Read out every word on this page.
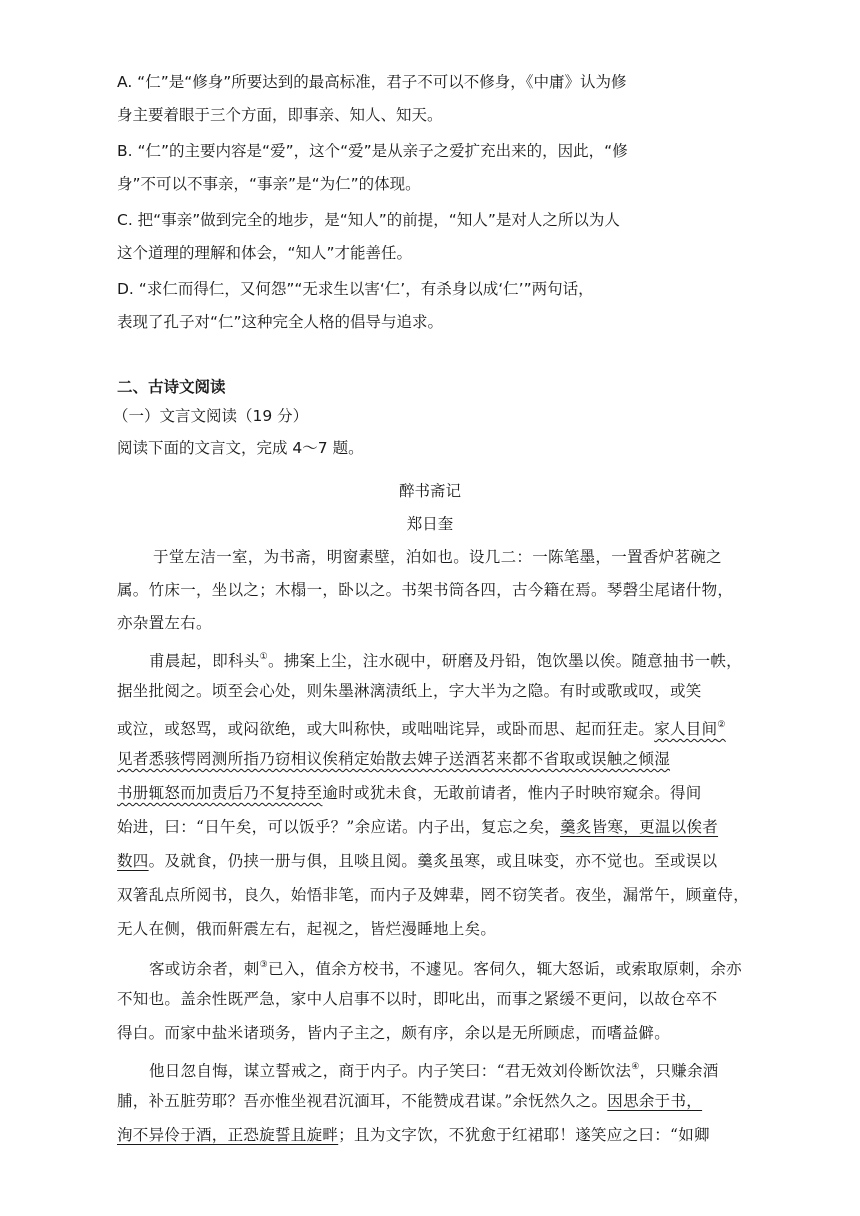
A. “仁”是“修身”所要达到的最高标准，君子不可以不修身，《中庸》认为修
身主要着眼于三个方面，即事亲、知人、知天。
B. “仁”的主要内容是“爱”，这个“爱”是从亲子之爱扩充出来的，因此，“修
身”不可以不事亲，“事亲”是“为仁”的体现。
C. 把“事亲”做到完全的地步，是“知人”的前提，“知人”是对人之所以为人
这个道理的理解和体会，“知人”才能善任。
D. “求仁而得仁，又何怨”“无求生以害‘仁’，有杀身以成‘仁’”两句话，
表现了孔子对“仁”这种完全人格的倡导与追求。
二、古诗文阅读
（一）文言文阅读（19 分）
阅读下面的文言文，完成 4～7 题。
醉书斋记
郑日奎
于堂左洁一室，为书斋，明窗素壁，泊如也。设几二：一陈笔墨，一置香炉茗碗之
属。竹床一，坐以之；木榻一，卧以之。书架书筒各四，古今籍在焉。琴磬尘尾诸什物，
亦杂置左右。
甫晨起，即科头①。拂案上尘，注水砚中，研磨及丹铅，饱饮墨以俟。随意抽书一帙，
据坐批阅之。顷至会心处，则朱墨淋漓渍纸上，字大半为之隐。有时或歌或叹，或笑
或泣，或怒骂，或闷欲绝，或大叫称快，或咄咄诧异，或卧而思、起而狂走。家人目间②
见者悉骇愕罔测所指乃窃相议俟稍定始散去婢子送酒茗来都不省取或误触之倾湿
书册辄怒而加责后乃不复持至逾时或犹未食，无敢前请者，惟内子时映帘窥余。得间
始进，曰：“日午矣，可以饭乎？”余应诺。内子出，复忘之矣，羹炙皆寒，更温以俟者
数四。及就食，仍挟一册与俱，且啖且阅。羹炙虽寒，或且味变，亦不觉也。至或误以
双箸乱点所阅书，良久，始悟非笔，而内子及婢辈，罔不窃笑者。夜坐，漏常午，顾童侍，
无人在侧，俄而鼾震左右，起视之，皆烂漫睡地上矣。
客或访余者，刺③已入，值余方校书，不遽见。客伺久，辄大怒诟，或索取原刺，余亦
不知也。盖余性既严急，家中人启事不以时，即叱出，而事之紧缓不更问，以故仓卒不
得白。而家中盐米诸琐务，皆内子主之，颇有序，余以是无所顾虑，而嗜益僻。
他日忽自悔，谋立誓戒之，商于内子。内子笑曰：“君无效刘伶断饮法④，只赚余酒
脯，补五脏劳耶？吾亦惟坐视君沉湎耳，不能赞成君谋。”余怃然久之。因思余于书，
洵不异伶于酒，正恐旋誓且旋畔；且为文字饮，不犹愈于红裙耶！遂笑应之曰：“如卿
